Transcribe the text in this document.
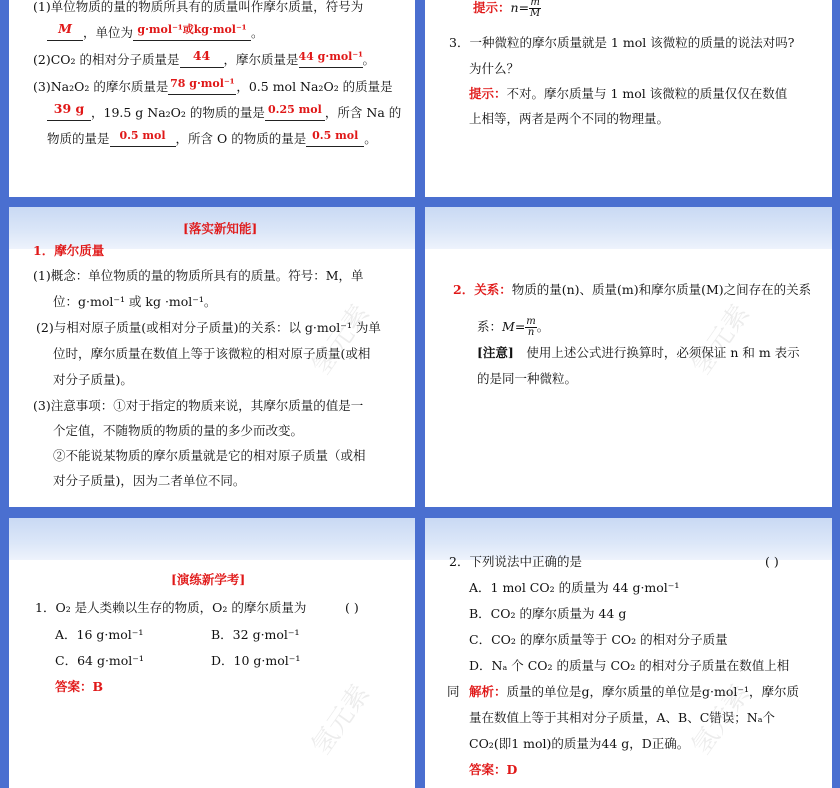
(1)单位物质的量的物质所具有的质量叫作摩尔质量，符号为
M ，单位为 g·mol⁻¹或kg·mol⁻¹ 。
(2)CO₂ 的相对分子质量是 44 ，摩尔质量是44 g·mol⁻¹。
(3)Na₂O₂ 的摩尔质量是 78 g·mol⁻¹ ，0.5 mol Na₂O₂ 的质量是
39 g ，19.5 g Na₂O₂ 的物质的量是 0.25 mol ，所含 Na 的
物质的量是 0.5 mol ，所含 O 的物质的量是 0.5 mol 。
提示：$n= \frac{m}{M}$
3．一种微粒的摩尔质量就是 1 mol 该微粒的质量的说法对吗?
为什么？
提示：不对。摩尔质量与 1 mol 该微粒的质量仅仅在数值
上相等，两者是两个不同的物理量。
[落实新知能]
1．摩尔质量
(1)概念：单位物质的量的物质所具有的质量。符号：M，单
位：g·mol⁻¹ 或 kg ·mol⁻¹。
(2)与相对原子质量(或相对分子质量)的关系：以 g·mol⁻¹ 为单
位时，摩尔质量在数值上等于该微粒的相对原子质量(或相
对分子质量)。
(3)注意事项：①对于指定的物质来说，其摩尔质量的值是一
个定值，不随物质的物质的量的多少而改变。
②不能说某物质的摩尔质量就是它的相对原子质量（或相
对分子质量)，因为二者单位不同。
2．关系：物质的量(n)、质量(m)和摩尔质量(M)之间存在的关系
系：$M= \frac{m}{n}$ 。
[注意]　 使用上述公式进行换算时，必须保证 n 和 m 表示
的是同一种微粒。
[演练新学考]
1．O₂ 是人类赖以生存的物质，O₂ 的摩尔质量为	( )
A．16 g·mol⁻¹	B．32 g·mol⁻¹
C．64 g·mol⁻¹	D．10 g·mol⁻¹
答案：B
2．下列说法中正确的是	( )
A．1 mol CO₂ 的质量为 44 g·mol⁻¹
B．CO₂ 的摩尔质量为 44 g
C．CO₂ 的摩尔质量等于 CO₂ 的相对分子质量
D．Nₐ 个 CO₂ 的质量与 CO₂ 的相对分子质量在数值上相
同 解析：质量的单位是g，摩尔质量的单位是g·mol⁻¹，摩尔质
量在数值上等于其相对分子质量，A、B、C错误；Nₐ个
CO₂(即1 mol)的质量为44 g，D正确。
答案：D
